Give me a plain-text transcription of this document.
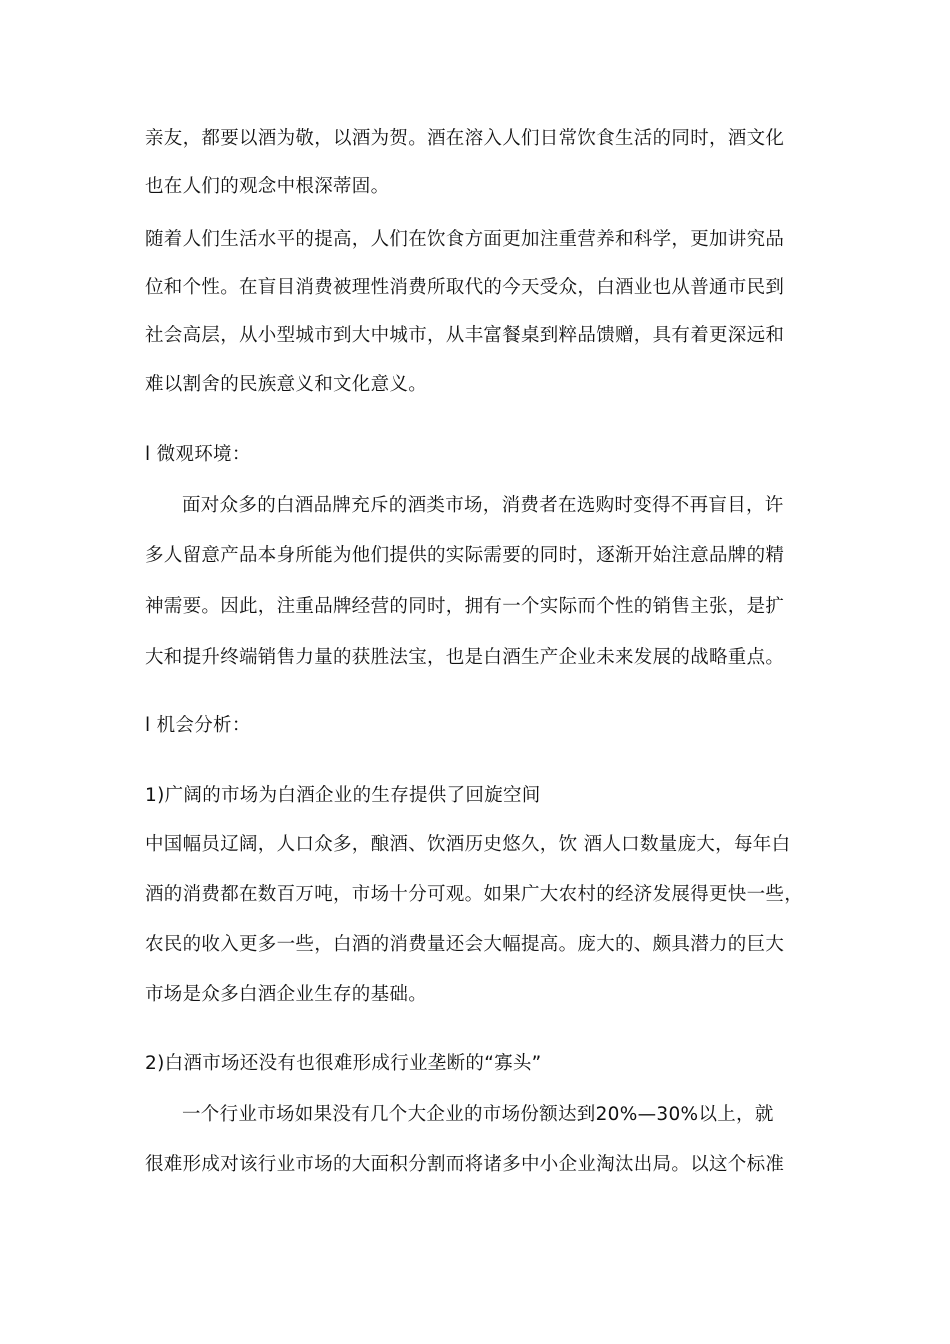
亲友，都要以酒为敬，以酒为贺。酒在溶入人们日常饮食生活的同时，酒文化
也在人们的观念中根深蒂固。
随着人们生活水平的提高，人们在饮食方面更加注重营养和科学，更加讲究品
位和个性。在盲目消费被理性消费所取代的今天受众，白酒业也从普通市民到
社会高层，从小型城市到大中城市，从丰富餐桌到粹品馈赠，具有着更深远和
难以割舍的民族意义和文化意义。
l 微观环境：
面对众多的白酒品牌充斥的酒类市场，消费者在选购时变得不再盲目，许
多人留意产品本身所能为他们提供的实际需要的同时，逐渐开始注意品牌的精
神需要。因此，注重品牌经营的同时，拥有一个实际而个性的销售主张，是扩
大和提升终端销售力量的获胜法宝，也是白酒生产企业未来发展的战略重点。
l 机会分析：
1)广阔的市场为白酒企业的生存提供了回旋空间
中国幅员辽阔，人口众多，酿酒、饮酒历史悠久，饮 酒人口数量庞大，每年白
酒的消费都在数百万吨，市场十分可观。如果广大农村的经济发展得更快一些，
农民的收入更多一些，白酒的消费量还会大幅提高。庞大的、颇具潜力的巨大
市场是众多白酒企业生存的基础。
2)白酒市场还没有也很难形成行业垄断的“寡头”
一个行业市场如果没有几个大企业的市场份额达到20%—30%以上，就
很难形成对该行业市场的大面积分割而将诸多中小企业淘汰出局。以这个标准
